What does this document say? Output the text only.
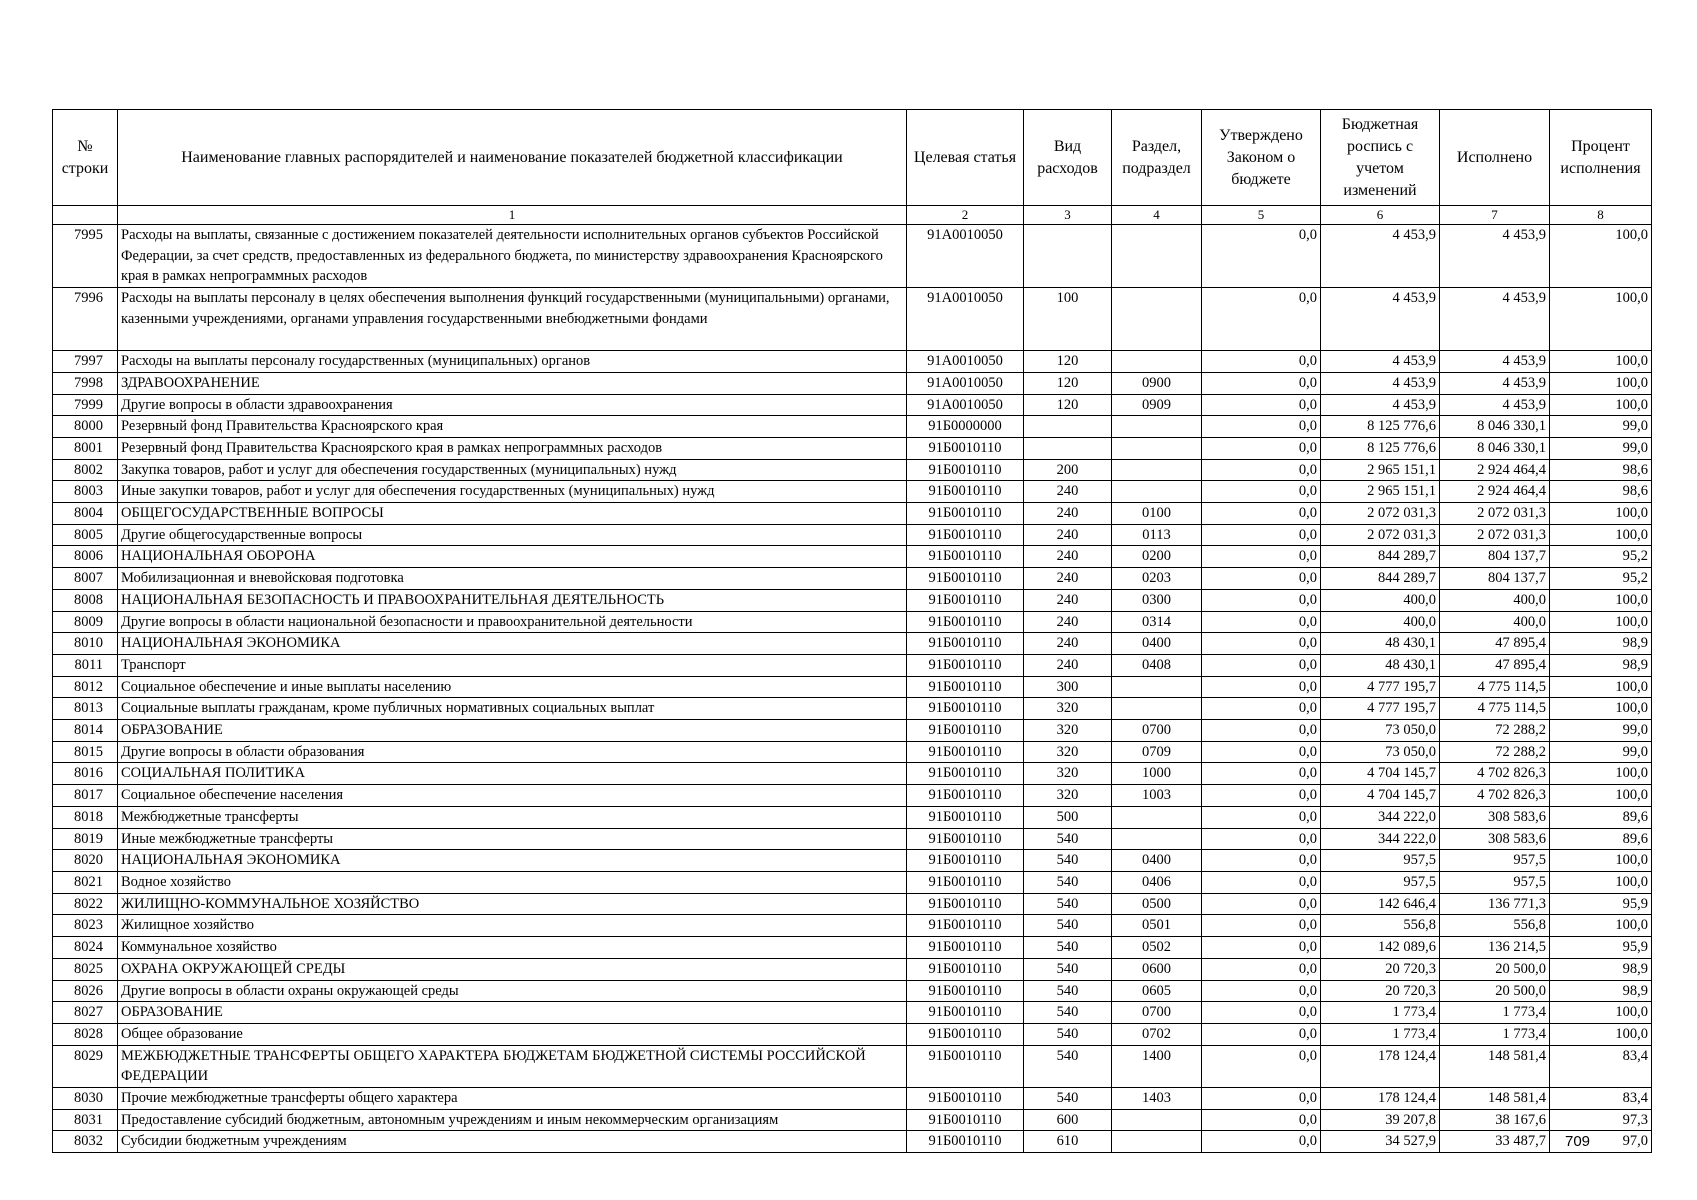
№ строки	Наименование главных распорядителей и наименование показателей бюджетной классификации	Целевая статья	Вид расходов	Раздел, подраздел	Утверждено Законом о бюджете	Бюджетная роспись с учетом изменений	Исполнено	Процент исполнения
	1	2	3	4	5	6	7	8
7995	Расходы на выплаты, связанные с достижением показателей деятельности исполнительных органов субъектов Российской Федерации, за счет средств, предоставленных из федерального бюджета, по министерству здравоохранения Красноярского края в рамках непрограммных расходов	91А0010050			0,0	4 453,9	4 453,9	100,0
7996	Расходы на выплаты персоналу в целях обеспечения выполнения функций государственными (муниципальными) органами, казенными учреждениями, органами управления государственными внебюджетными фондами	91А0010050	100		0,0	4 453,9	4 453,9	100,0
7997	Расходы на выплаты персоналу государственных (муниципальных) органов	91А0010050	120		0,0	4 453,9	4 453,9	100,0
7998	ЗДРАВООХРАНЕНИЕ	91А0010050	120	0900	0,0	4 453,9	4 453,9	100,0
7999	Другие вопросы в области здравоохранения	91А0010050	120	0909	0,0	4 453,9	4 453,9	100,0
8000	Резервный фонд Правительства Красноярского края	91Б0000000			0,0	8 125 776,6	8 046 330,1	99,0
8001	Резервный фонд Правительства Красноярского края в рамках непрограммных расходов	91Б0010110			0,0	8 125 776,6	8 046 330,1	99,0
8002	Закупка товаров, работ и услуг для обеспечения государственных (муниципальных) нужд	91Б0010110	200		0,0	2 965 151,1	2 924 464,4	98,6
8003	Иные закупки товаров, работ и услуг для обеспечения государственных (муниципальных) нужд	91Б0010110	240		0,0	2 965 151,1	2 924 464,4	98,6
8004	ОБЩЕГОСУДАРСТВЕННЫЕ ВОПРОСЫ	91Б0010110	240	0100	0,0	2 072 031,3	2 072 031,3	100,0
8005	Другие общегосударственные вопросы	91Б0010110	240	0113	0,0	2 072 031,3	2 072 031,3	100,0
8006	НАЦИОНАЛЬНАЯ ОБОРОНА	91Б0010110	240	0200	0,0	844 289,7	804 137,7	95,2
8007	Мобилизационная и вневойсковая подготовка	91Б0010110	240	0203	0,0	844 289,7	804 137,7	95,2
8008	НАЦИОНАЛЬНАЯ БЕЗОПАСНОСТЬ И ПРАВООХРАНИТЕЛЬНАЯ ДЕЯТЕЛЬНОСТЬ	91Б0010110	240	0300	0,0	400,0	400,0	100,0
8009	Другие вопросы в области национальной безопасности и правоохранительной деятельности	91Б0010110	240	0314	0,0	400,0	400,0	100,0
8010	НАЦИОНАЛЬНАЯ ЭКОНОМИКА	91Б0010110	240	0400	0,0	48 430,1	47 895,4	98,9
8011	Транспорт	91Б0010110	240	0408	0,0	48 430,1	47 895,4	98,9
8012	Социальное обеспечение и иные выплаты населению	91Б0010110	300		0,0	4 777 195,7	4 775 114,5	100,0
8013	Социальные выплаты гражданам, кроме публичных нормативных социальных выплат	91Б0010110	320		0,0	4 777 195,7	4 775 114,5	100,0
8014	ОБРАЗОВАНИЕ	91Б0010110	320	0700	0,0	73 050,0	72 288,2	99,0
8015	Другие вопросы в области образования	91Б0010110	320	0709	0,0	73 050,0	72 288,2	99,0
8016	СОЦИАЛЬНАЯ ПОЛИТИКА	91Б0010110	320	1000	0,0	4 704 145,7	4 702 826,3	100,0
8017	Социальное обеспечение населения	91Б0010110	320	1003	0,0	4 704 145,7	4 702 826,3	100,0
8018	Межбюджетные трансферты	91Б0010110	500		0,0	344 222,0	308 583,6	89,6
8019	Иные межбюджетные трансферты	91Б0010110	540		0,0	344 222,0	308 583,6	89,6
8020	НАЦИОНАЛЬНАЯ ЭКОНОМИКА	91Б0010110	540	0400	0,0	957,5	957,5	100,0
8021	Водное хозяйство	91Б0010110	540	0406	0,0	957,5	957,5	100,0
8022	ЖИЛИЩНО-КОММУНАЛЬНОЕ ХОЗЯЙСТВО	91Б0010110	540	0500	0,0	142 646,4	136 771,3	95,9
8023	Жилищное хозяйство	91Б0010110	540	0501	0,0	556,8	556,8	100,0
8024	Коммунальное хозяйство	91Б0010110	540	0502	0,0	142 089,6	136 214,5	95,9
8025	ОХРАНА ОКРУЖАЮЩЕЙ СРЕДЫ	91Б0010110	540	0600	0,0	20 720,3	20 500,0	98,9
8026	Другие вопросы в области охраны окружающей среды	91Б0010110	540	0605	0,0	20 720,3	20 500,0	98,9
8027	ОБРАЗОВАНИЕ	91Б0010110	540	0700	0,0	1 773,4	1 773,4	100,0
8028	Общее образование	91Б0010110	540	0702	0,0	1 773,4	1 773,4	100,0
8029	МЕЖБЮДЖЕТНЫЕ ТРАНСФЕРТЫ ОБЩЕГО ХАРАКТЕРА БЮДЖЕТАМ БЮДЖЕТНОЙ СИСТЕМЫ РОССИЙСКОЙ ФЕДЕРАЦИИ	91Б0010110	540	1400	0,0	178 124,4	148 581,4	83,4
8030	Прочие межбюджетные трансферты общего характера	91Б0010110	540	1403	0,0	178 124,4	148 581,4	83,4
8031	Предоставление субсидий бюджетным, автономным учреждениям и иным некоммерческим организациям	91Б0010110	600		0,0	39 207,8	38 167,6	97,3
8032	Субсидии бюджетным учреждениям	91Б0010110	610		0,0	34 527,9	33 487,7	97,0
709
